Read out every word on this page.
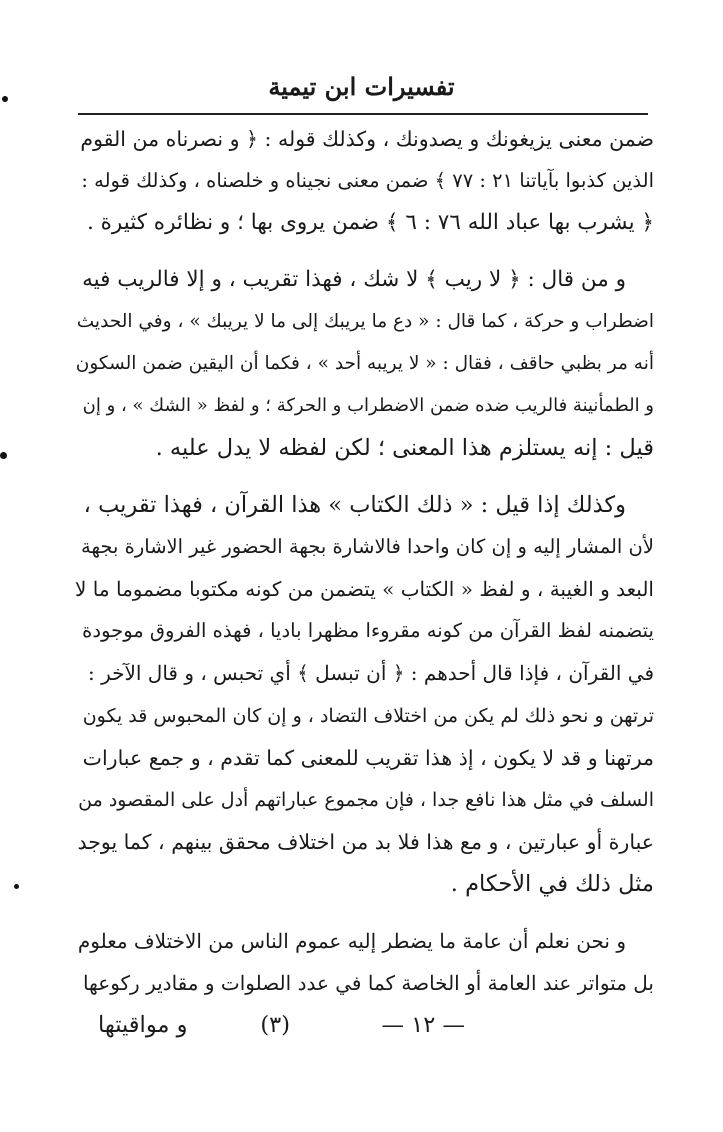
تفسيرات ابن تيمية
ضمن معنى يزيغونك و يصدونك ، وكذلك قوله : ﴿ و نصرناه من القوم
الذين كذبوا بآياتنا ٢١ : ٧٧ ﴾ ضمن معنى نجيناه و خلصناه ، وكذلك قوله :
﴿ يشرب بها عباد الله ٧٦ : ٦ ﴾ ضمن يروى بها ؛ و نظائره كثيرة .
و من قال : ﴿ لا ريب ﴾ لا شك ، فهذا تقريب ، و إلا فالريب فيه
اضطراب و حركة ، كما قال : « دع ما يريبك إلى ما لا يريبك » ، وفي الحديث
أنه مر بظبي حاقف ، فقال : « لا يريبه أحد » ، فكما أن اليقين ضمن السكون
و الطمأنينة فالريب ضده ضمن الاضطراب و الحركة ؛ و لفظ « الشك » ، و إن
قيل : إنه يستلزم هذا المعنى ؛ لكن لفظه لا يدل عليه .
وكذلك إذا قيل : « ذلك الكتاب » هذا القرآن ، فهذا تقريب ،
لأن المشار إليه و إن كان واحدا فالاشارة بجهة الحضور غير الاشارة بجهة
البعد و الغيبة ، و لفظ « الكتاب » يتضمن من كونه مكتوبا مضموما ما لا
يتضمنه لفظ القرآن من كونه مقروءا مظهرا باديا ، فهذه الفروق موجودة
في القرآن ، فإذا قال أحدهم : ﴿ أن تبسل ﴾ أي تحبس ، و قال الآخر :
ترتهن و نحو ذلك لم يكن من اختلاف التضاد ، و إن كان المحبوس قد يكون
مرتهنا و قد لا يكون ، إذ هذا تقريب للمعنى كما تقدم ، و جمع عبارات
السلف في مثل هذا نافع جدا ، فإن مجموع عباراتهم أدل على المقصود من
عبارة أو عبارتين ، و مع هذا فلا بد من اختلاف محقق بينهم ، كما يوجد
مثل ذلك في الأحكام .
و نحن نعلم أن عامة ما يضطر إليه عموم الناس من الاختلاف معلوم
بل متواتر عند العامة أو الخاصة كما في عدد الصلوات و مقادير ركوعها
— ١٢ —
(٣)
و مواقيتها
